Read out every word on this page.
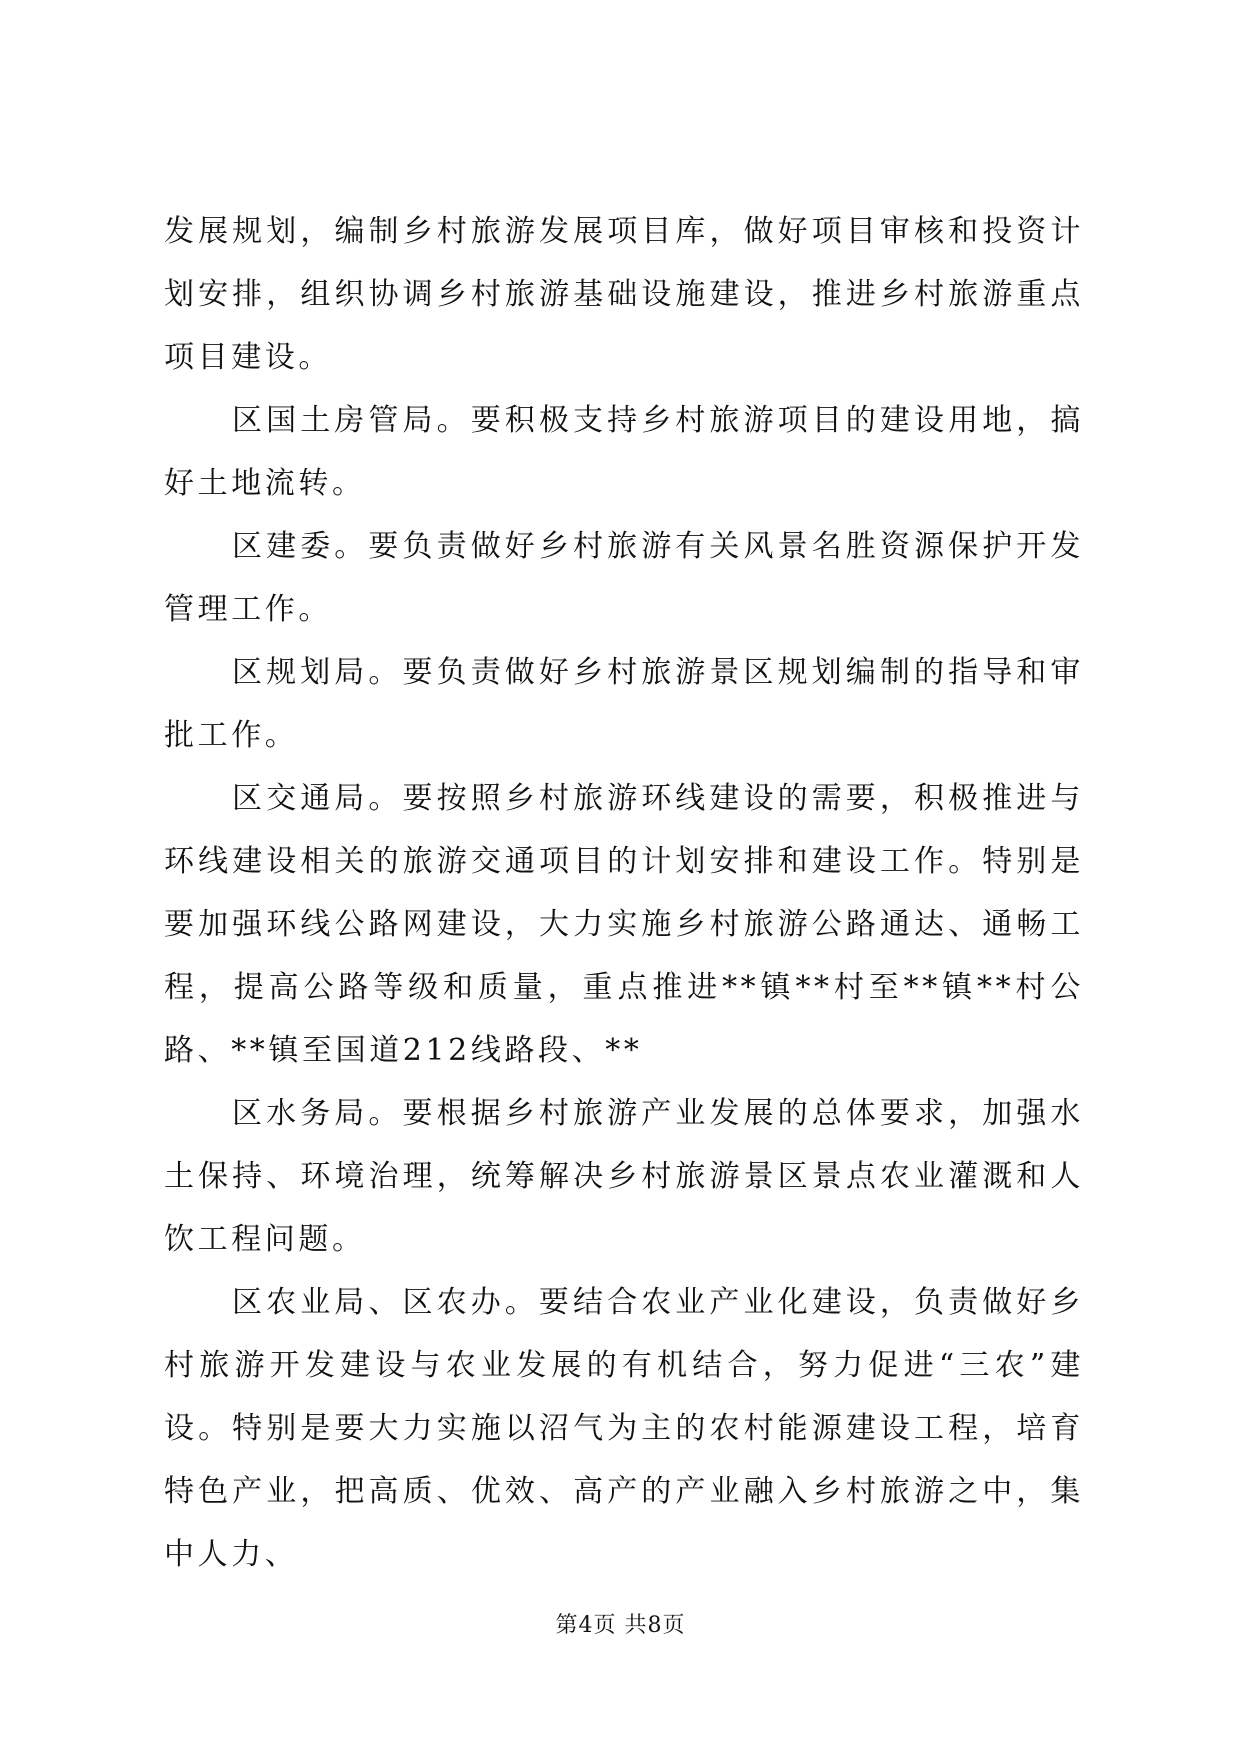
发展规划，编制乡村旅游发展项目库，做好项目审核和投资计划安排，组织协调乡村旅游基础设施建设，推进乡村旅游重点项目建设。

区国土房管局。要积极支持乡村旅游项目的建设用地，搞好土地流转。

区建委。要负责做好乡村旅游有关风景名胜资源保护开发管理工作。

区规划局。要负责做好乡村旅游景区规划编制的指导和审批工作。

区交通局。要按照乡村旅游环线建设的需要，积极推进与环线建设相关的旅游交通项目的计划安排和建设工作。特别是要加强环线公路网建设，大力实施乡村旅游公路通达、通畅工程，提高公路等级和质量，重点推进**镇**村至**镇**村公路、**镇至国道212线路段、**

区水务局。要根据乡村旅游产业发展的总体要求，加强水土保持、环境治理，统筹解决乡村旅游景区景点农业灌溉和人饮工程问题。

区农业局、区农办。要结合农业产业化建设，负责做好乡村旅游开发建设与农业发展的有机结合，努力促进“三农”建设。特别是要大力实施以沼气为主的农村能源建设工程，培育特色产业，把高质、优效、高产的产业融入乡村旅游之中，集中人力、

第4页 共8页
